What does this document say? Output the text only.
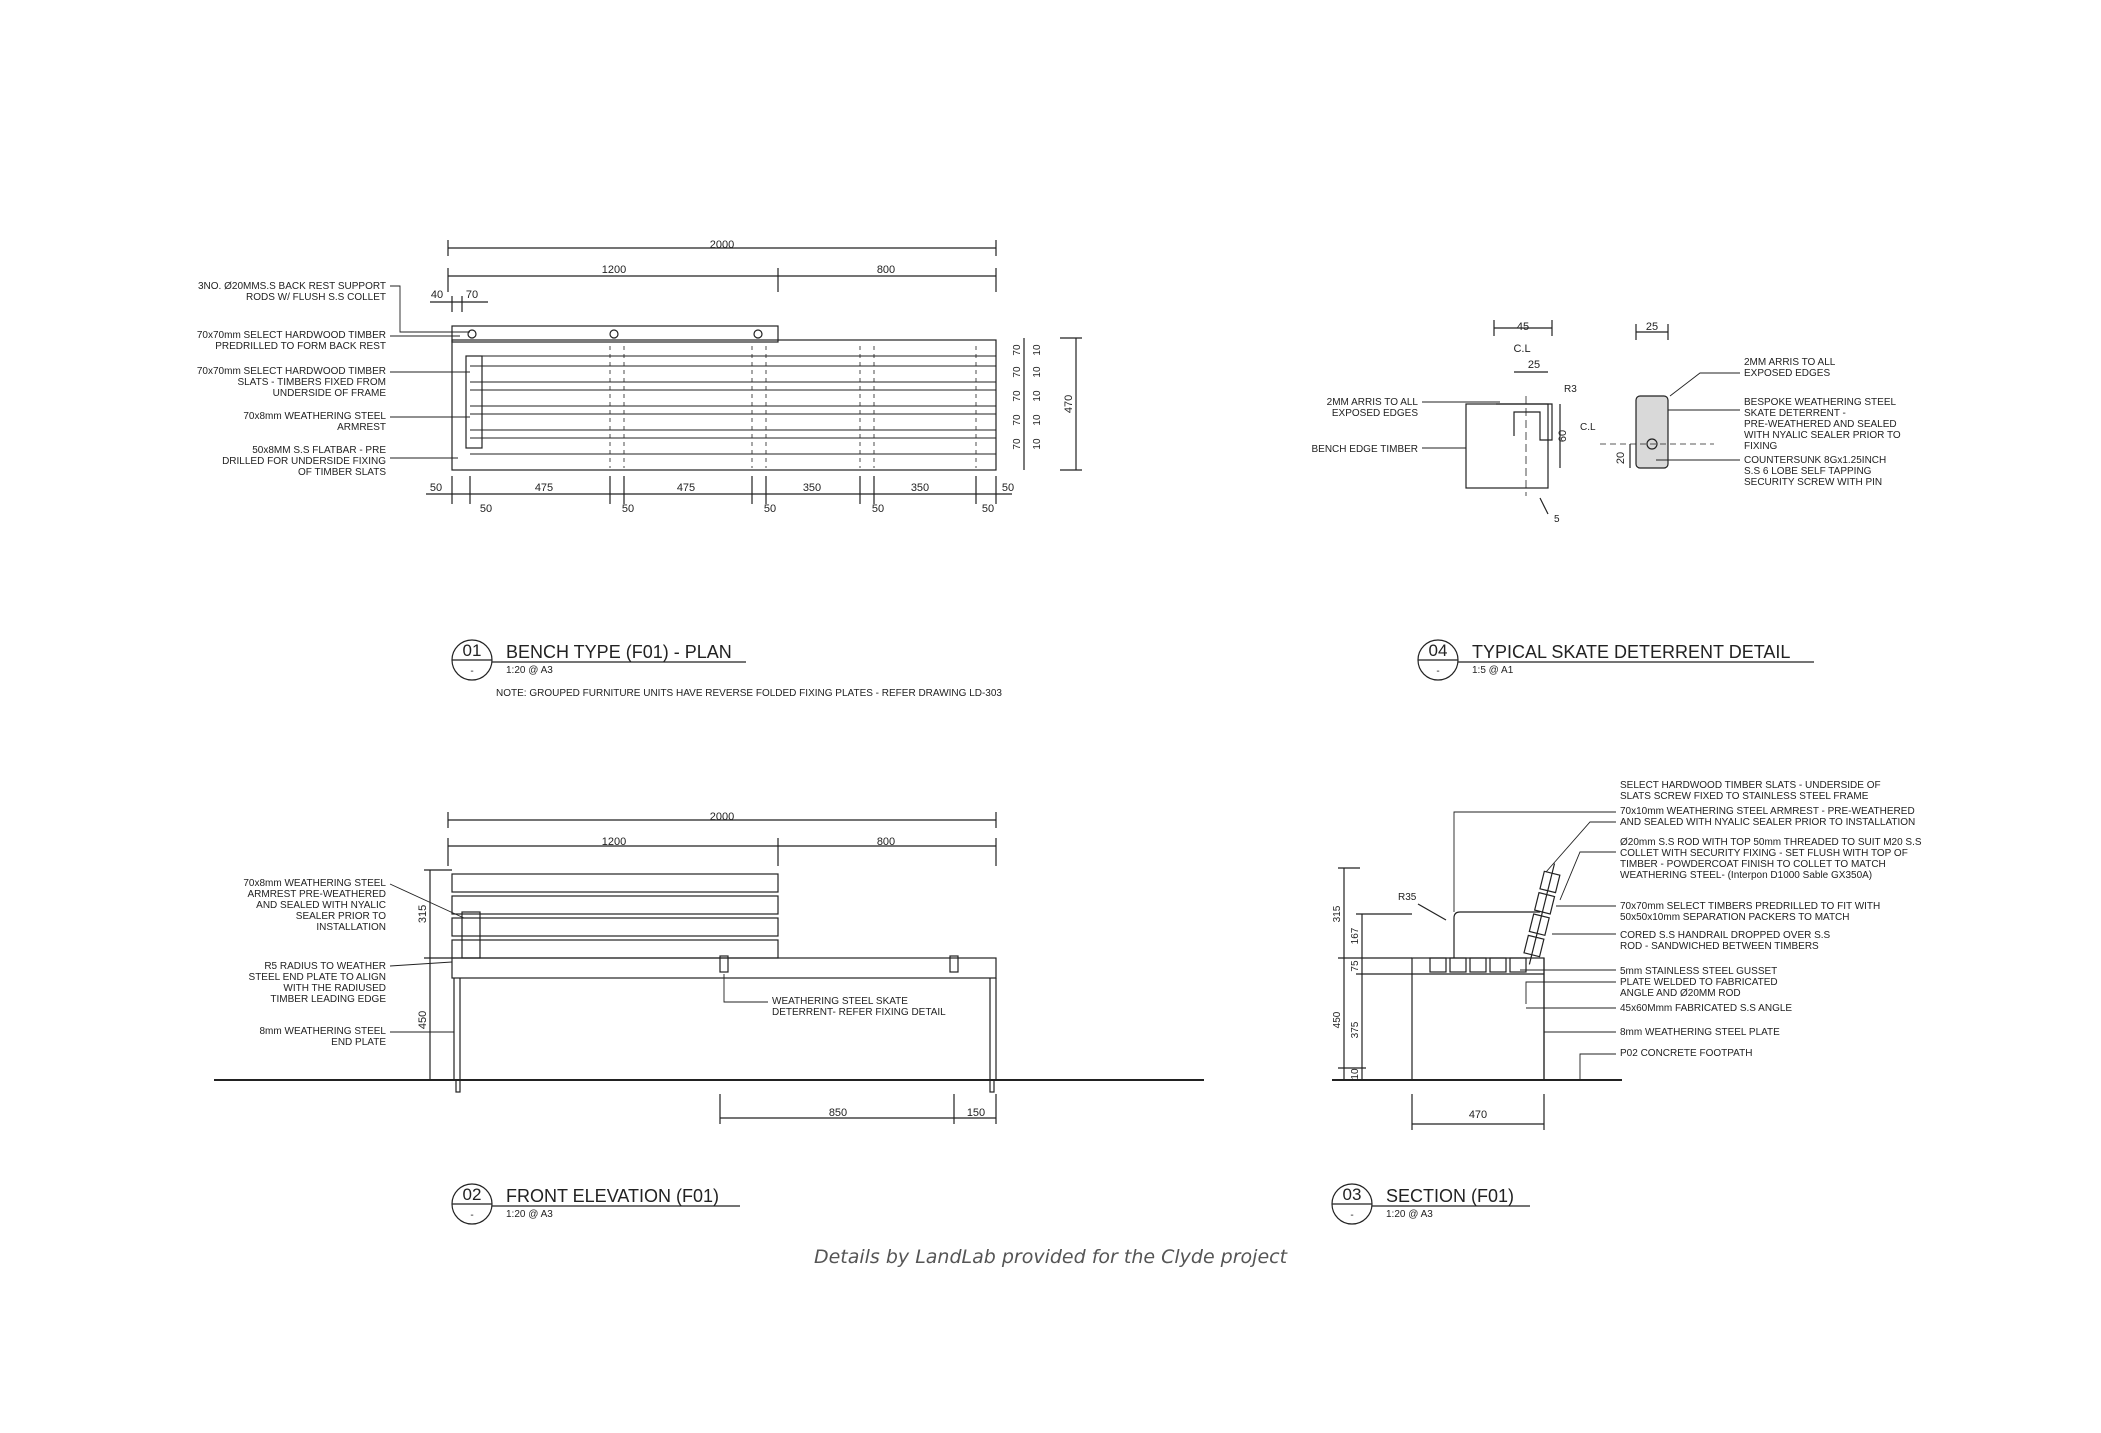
2000
1200	800
40 70
470
70 10
70 10
70 10
70 10
70 10
50	475	475	350	350	50
50	50	50	50	50
3NO. Ø20MMS.S BACK REST SUPPORT
RODS W/ FLUSH S.S COLLET
70x70mm SELECT HARDWOOD TIMBER
PREDRILLED TO FORM BACK REST
70x70mm SELECT HARDWOOD TIMBER
SLATS - TIMBERS FIXED FROM
UNDERSIDE OF FRAME
70x8mm WEATHERING STEEL
ARMREST
50x8MM S.S FLATBAR - PRE
DRILLED FOR UNDERSIDE FIXING
OF TIMBER SLATS
01
-
BENCH TYPE (F01) - PLAN
1:20 @ A3
NOTE: GROUPED FURNITURE UNITS HAVE REVERSE FOLDED FIXING PLATES - REFER DRAWING LD-303
45
C.L
25
25
R3
60
5
C.L
20
2MM ARRIS TO ALL
EXPOSED EDGES
BENCH EDGE TIMBER
2MM ARRIS TO ALL
EXPOSED EDGES
BESPOKE WEATHERING STEEL
SKATE DETERRENT -
PRE-WEATHERED AND SEALED
WITH NYALIC SEALER PRIOR TO
FIXING
COUNTERSUNK 8Gx1.25INCH
S.S 6 LOBE SELF TAPPING
SECURITY SCREW WITH PIN
04
-
TYPICAL SKATE DETERRENT DETAIL
1:5 @ A1
2000
1200	800
315
450
850	150
70x8mm WEATHERING STEEL
ARMREST PRE-WEATHERED
AND SEALED WITH NYALIC
SEALER PRIOR TO
INSTALLATION
R5 RADIUS TO WEATHER
STEEL END PLATE TO ALIGN
WITH THE RADIUSED
TIMBER LEADING EDGE
8mm WEATHERING STEEL
END PLATE
WEATHERING STEEL SKATE
DETERRENT- REFER FIXING DETAIL
02
-
FRONT ELEVATION (F01)
1:20 @ A3
315
167
75
450
375
10
R35
470
SELECT HARDWOOD TIMBER SLATS - UNDERSIDE OF
SLATS SCREW FIXED TO STAINLESS STEEL FRAME
70x10mm WEATHERING STEEL ARMREST - PRE-WEATHERED
AND SEALED WITH NYALIC SEALER PRIOR TO INSTALLATION
Ø20mm S.S ROD WITH TOP 50mm THREADED TO SUIT M20 S.S
COLLET WITH SECURITY FIXING - SET FLUSH WITH TOP OF
TIMBER - POWDERCOAT FINISH TO COLLET TO MATCH
WEATHERING STEEL- (Interpon D1000 Sable GX350A)
70x70mm SELECT TIMBERS PREDRILLED TO FIT WITH
50x50x10mm SEPARATION PACKERS TO MATCH
CORED S.S HANDRAIL DROPPED OVER S.S
ROD - SANDWICHED BETWEEN TIMBERS
5mm STAINLESS STEEL GUSSET
PLATE WELDED TO FABRICATED
ANGLE AND Ø20MM ROD
45x60Mmm FABRICATED S.S ANGLE
8mm WEATHERING STEEL PLATE
P02 CONCRETE FOOTPATH
03
-
SECTION (F01)
1:20 @ A3
Details by LandLab provided for the Clyde project
